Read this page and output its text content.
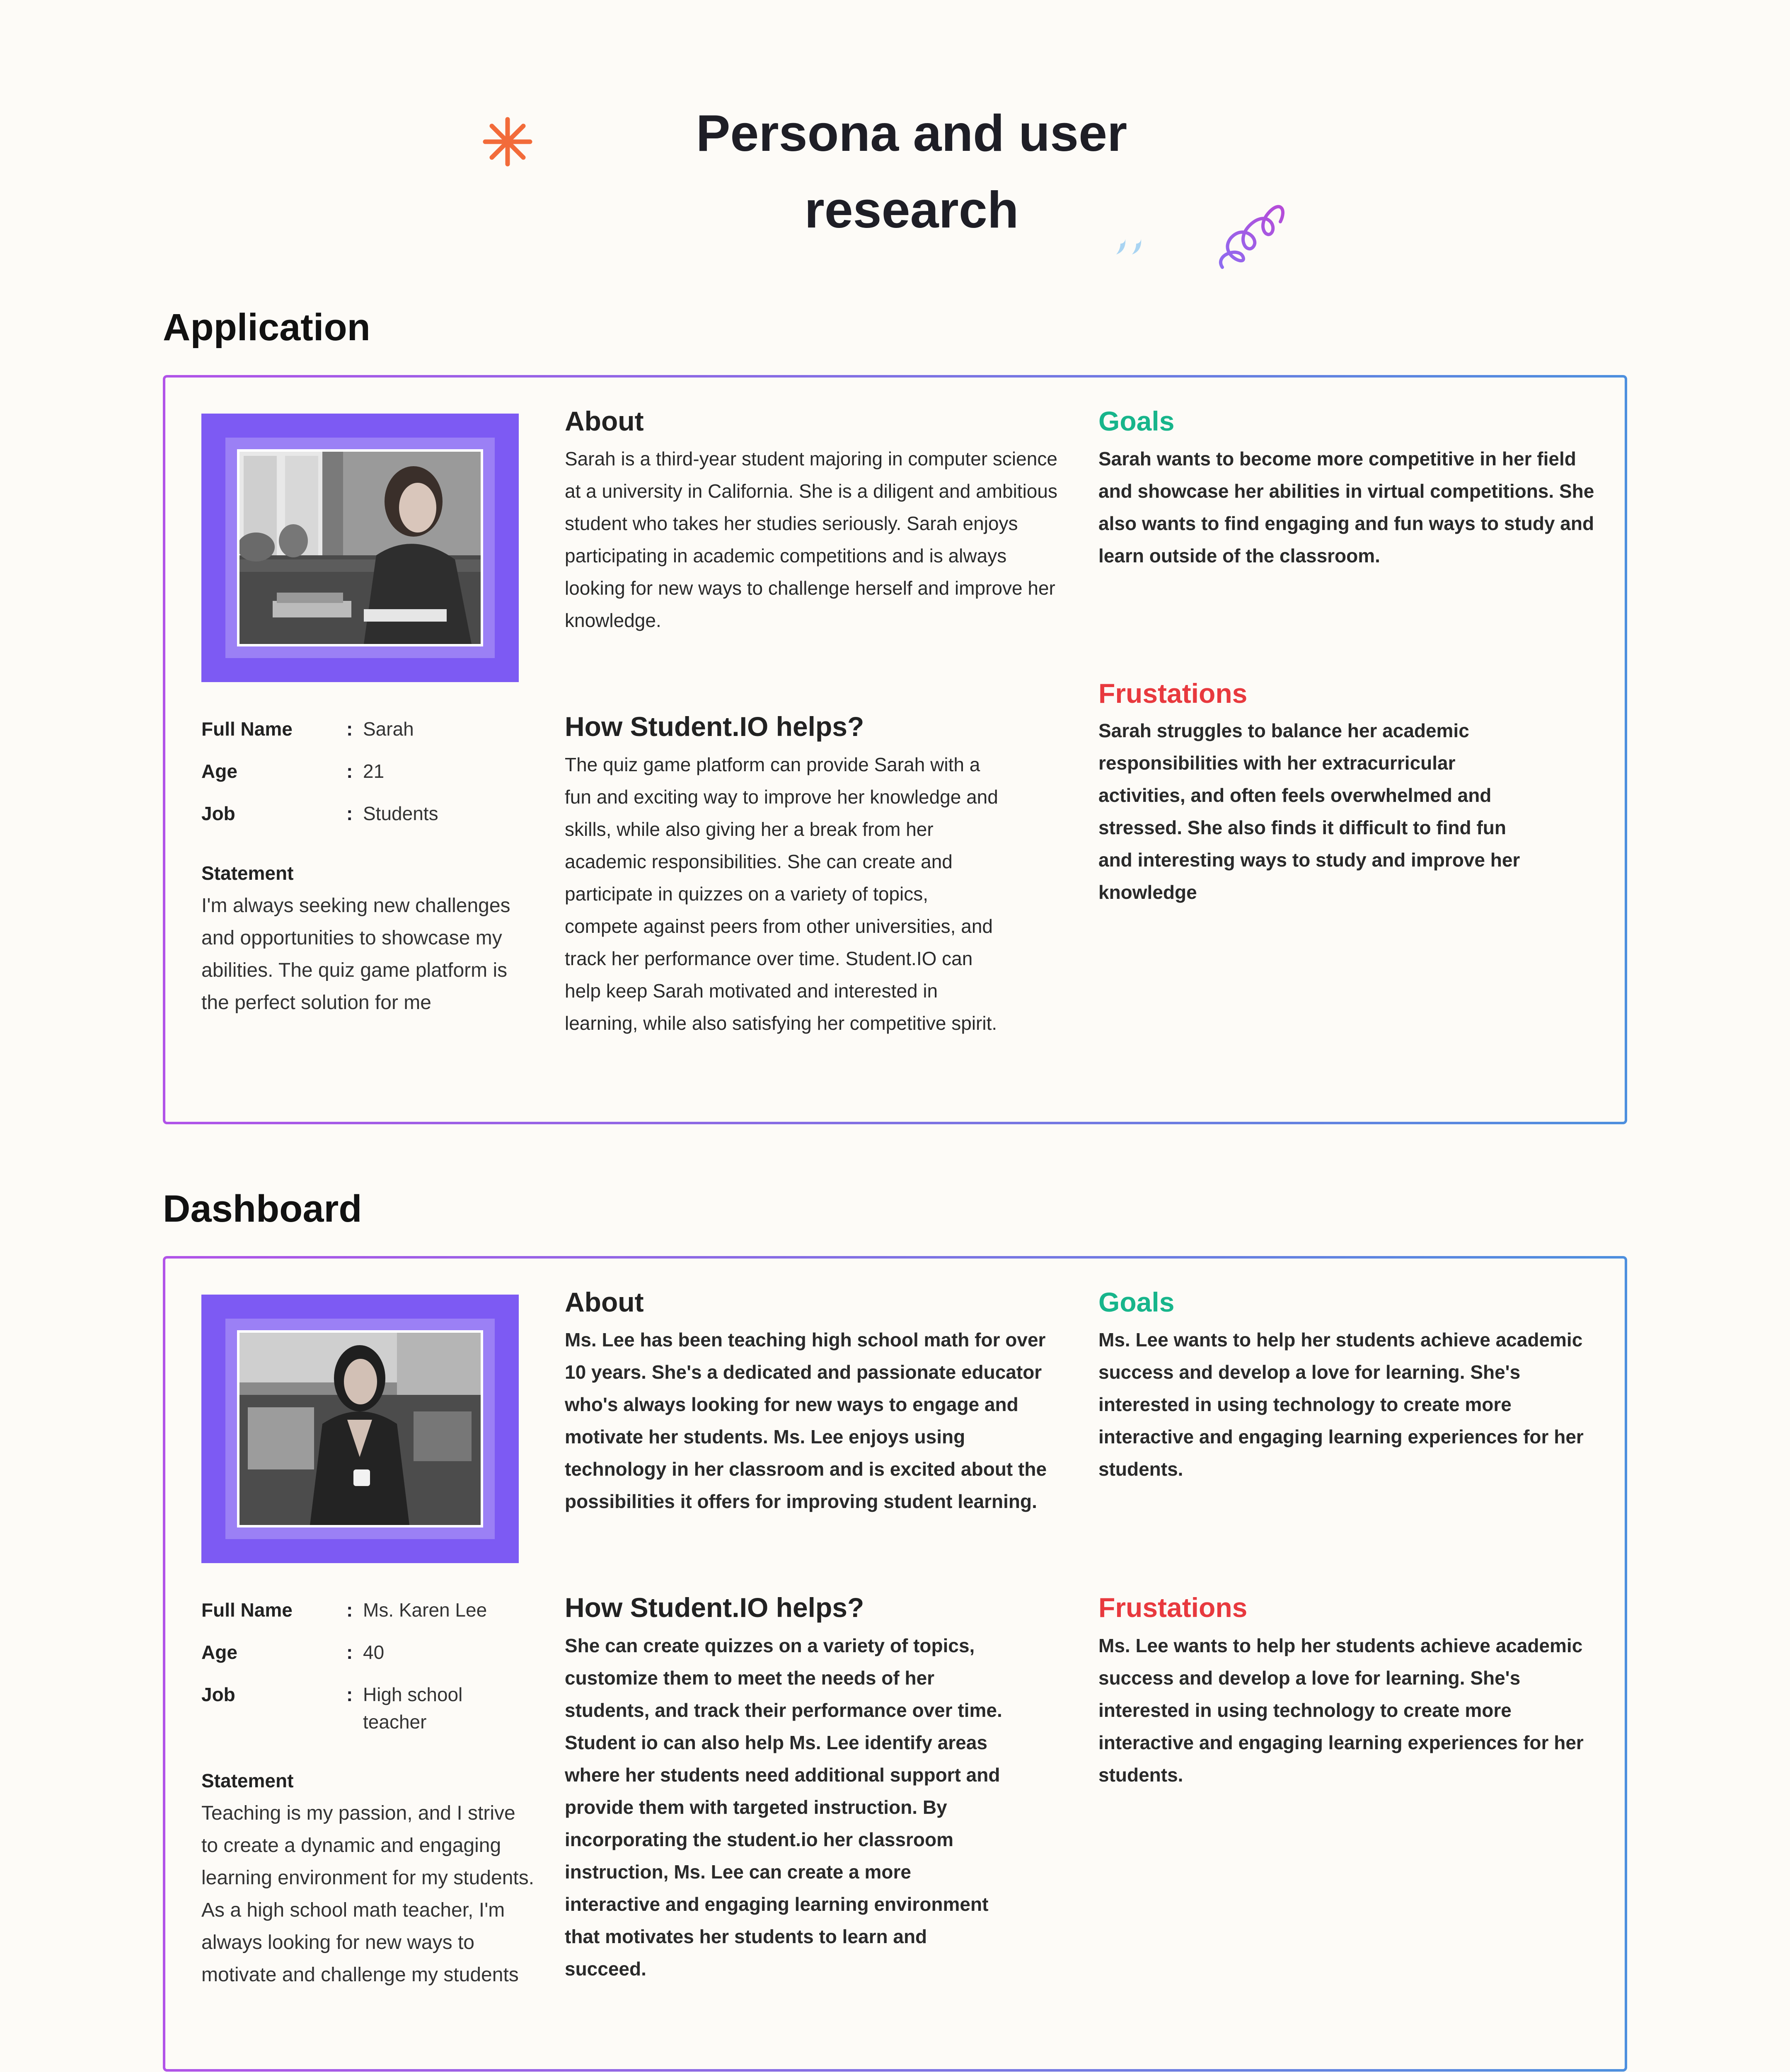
Persona and user
research
Application
Full Name	: Sarah
Age	: 21
Job	: Students
Statement
I'm always seeking new challenges and opportunities to showcase my abilities. The quiz game platform is the perfect solution for me
About
Sarah is a third-year student majoring in computer science at a university in California. She is a diligent and ambitious student who takes her studies seriously. Sarah enjoys participating in academic competitions and is always looking for new ways to challenge herself and improve her knowledge.
How Student.IO helps?
The quiz game platform can provide Sarah with a fun and exciting way to improve her knowledge and skills, while also giving her a break from her academic responsibilities. She can create and participate in quizzes on a variety of topics, compete against peers from other universities, and track her performance over time. Student.IO can help keep Sarah motivated and interested in learning, while also satisfying her competitive spirit.
Goals
Sarah wants to become more competitive in her field and showcase her abilities in virtual competitions. She also wants to find engaging and fun ways to study and learn outside of the classroom.
Frustations
Sarah struggles to balance her academic responsibilities with her extracurricular activities, and often feels overwhelmed and stressed. She also finds it difficult to find fun and interesting ways to study and improve her knowledge
Dashboard
Full Name	: Ms. Karen Lee
Age	: 40
Job	: High school teacher
Statement
Teaching is my passion, and I strive to create a dynamic and engaging learning environment for my students. As a high school math teacher, I'm always looking for new ways to motivate and challenge my students
About
Ms. Lee has been teaching high school math for over 10 years. She's a dedicated and passionate educator who's always looking for new ways to engage and motivate her students. Ms. Lee enjoys using technology in her classroom and is excited about the possibilities it offers for improving student learning.
How Student.IO helps?
She can create quizzes on a variety of topics, customize them to meet the needs of her students, and track their performance over time. Student io can also help Ms. Lee identify areas where her students need additional support and provide them with targeted instruction. By incorporating the student.io her classroom instruction, Ms. Lee can create a more interactive and engaging learning environment that motivates her students to learn and succeed.
Goals
Ms. Lee wants to help her students achieve academic success and develop a love for learning. She's interested in using technology to create more interactive and engaging learning experiences for her students.
Frustations
Ms. Lee wants to help her students achieve academic success and develop a love for learning. She's interested in using technology to create more interactive and engaging learning experiences for her students.
